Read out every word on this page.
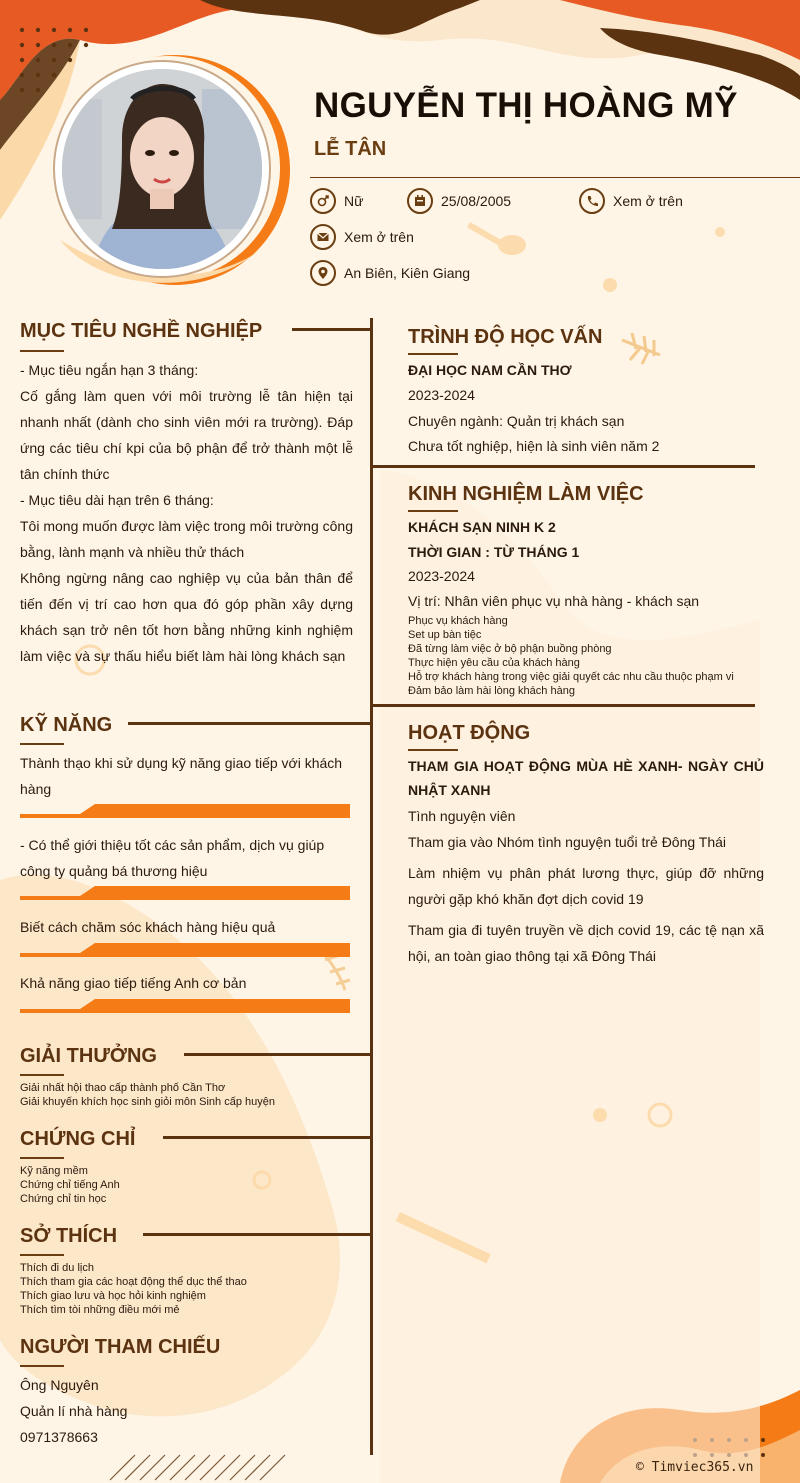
NGUYỄN THỊ HOÀNG MỸ
LỄ TÂN
Nữ	25/08/2005	Xem ở trên
Xem ở trên
An Biên, Kiên Giang
MỤC TIÊU NGHỀ NGHIỆP
- Mục tiêu ngắn hạn 3 tháng:
Cố gắng làm quen với môi trường lễ tân hiện tại nhanh nhất (dành cho sinh viên mới ra trường). Đáp ứng các tiêu chí kpi của bộ phận để trở thành một lễ tân chính thức
- Mục tiêu dài hạn trên 6 tháng:
Tôi mong muốn được làm việc trong môi trường công bằng, lành mạnh và nhiều thử thách
Không ngừng nâng cao nghiệp vụ của bản thân để tiến đến vị trí cao hơn qua đó góp phần xây dựng khách sạn trở nên tốt hơn bằng những kinh nghiệm làm việc và sự thấu hiểu biết làm hài lòng khách sạn
KỸ NĂNG
Thành thạo khi sử dụng kỹ năng giao tiếp với khách hàng
- Có thể giới thiệu tốt các sản phẩm, dịch vụ giúp công ty quảng bá thương hiệu
Biết cách chăm sóc khách hàng hiệu quả
Khả năng giao tiếp tiếng Anh cơ bản
GIẢI THƯỞNG
Giải nhất hội thao cấp thành phố Cần Thơ
Giải khuyến khích học sinh giỏi môn Sinh cấp huyện
CHỨNG CHỈ
Kỹ năng mềm
Chứng chỉ tiếng Anh
Chứng chỉ tin học
SỞ THÍCH
Thích đi du lịch
Thích tham gia các hoạt động thể dục thể thao
Thích giao lưu và học hỏi kinh nghiệm
Thích tìm tòi những điều mới mẻ
NGƯỜI THAM CHIẾU
Ông Nguyên
Quản lí nhà hàng
0971378663
TRÌNH ĐỘ HỌC VẤN
ĐẠI HỌC NAM CẦN THƠ
2023-2024
Chuyên ngành: Quản trị khách sạn
Chưa tốt nghiệp, hiện là sinh viên năm 2
KINH NGHIỆM LÀM VIỆC
KHÁCH SẠN NINH K 2
THỜI GIAN : TỪ THÁNG 1
2023-2024
Vị trí: Nhân viên phục vụ nhà hàng - khách sạn
Phục vụ khách hàng
Set up bàn tiệc
Đã từng làm việc ở bộ phận buồng phòng
Thực hiện yêu cầu của khách hàng
Hỗ trợ khách hàng trong việc giải quyết các nhu cầu thuộc phạm vi
Đảm bảo làm hài lòng khách hàng
HOẠT ĐỘNG
THAM GIA HOẠT ĐỘNG MÙA HÈ XANH- NGÀY CHỦ NHẬT XANH
Tình nguyện viên
Tham gia vào Nhóm tình nguyện tuổi trẻ Đông Thái
Làm nhiệm vụ phân phát lương thực, giúp đỡ những người gặp khó khăn đợt dịch covid 19
Tham gia đi tuyên truyền về dịch covid 19, các tệ nạn xã hội, an toàn giao thông tại xã Đông Thái
© Timviec365.vn
